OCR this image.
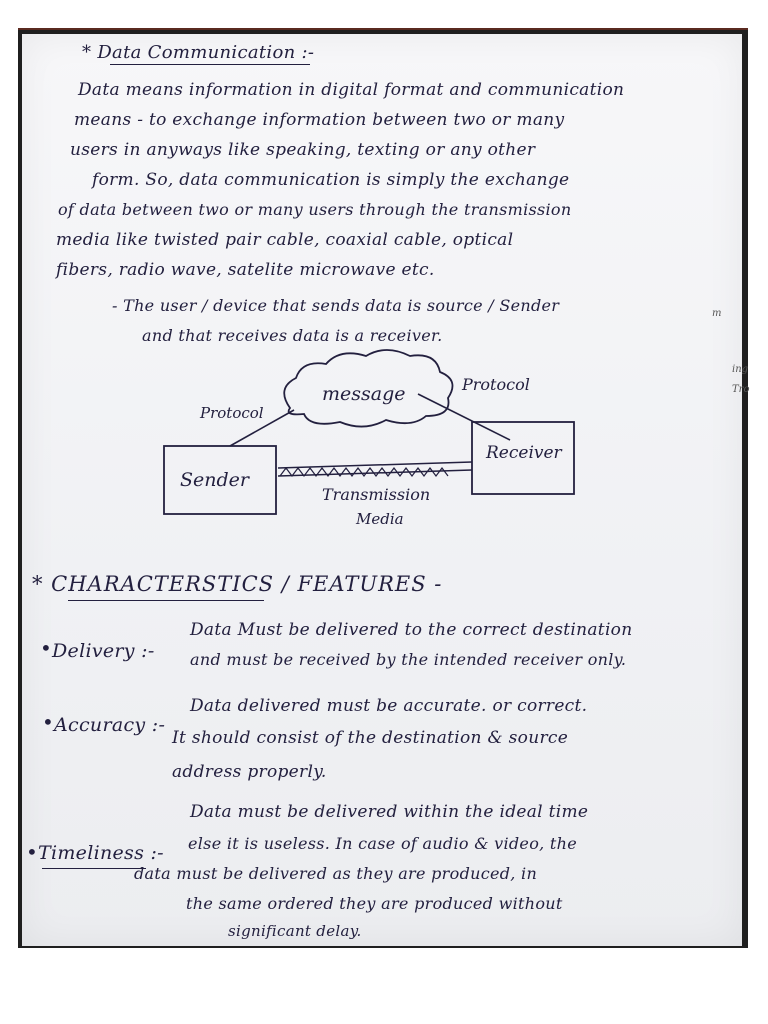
* Data Communication :-
Data means information in digital format and communication
means - to exchange information between two or many
users in anyways like speaking, texting or any other
form. So, data communication is simply the exchange
of data between two or many users through the transmission
media like twisted pair cable, coaxial cable, optical
fibers, radio wave, satelite microwave etc.
- The user / device that sends data is source / Sender
and that receives data is a receiver.
message
Protocol
Protocol
Sender
Receiver
Transmission
Media
* CHARACTERSTICS / FEATURES -
• Delivery :-
Data Must be delivered to the correct destination
and must be received by the intended receiver only.
• Accuracy :-
Data delivered must be accurate. or correct.
It should consist of the destination & source
address properly.
• Timeliness :-
Data must be delivered within the ideal time
else it is useless. In case of audio & video, the
data must be delivered as they are produced, in
the same ordered they are produced without
significant delay.
m
ing
Tro
